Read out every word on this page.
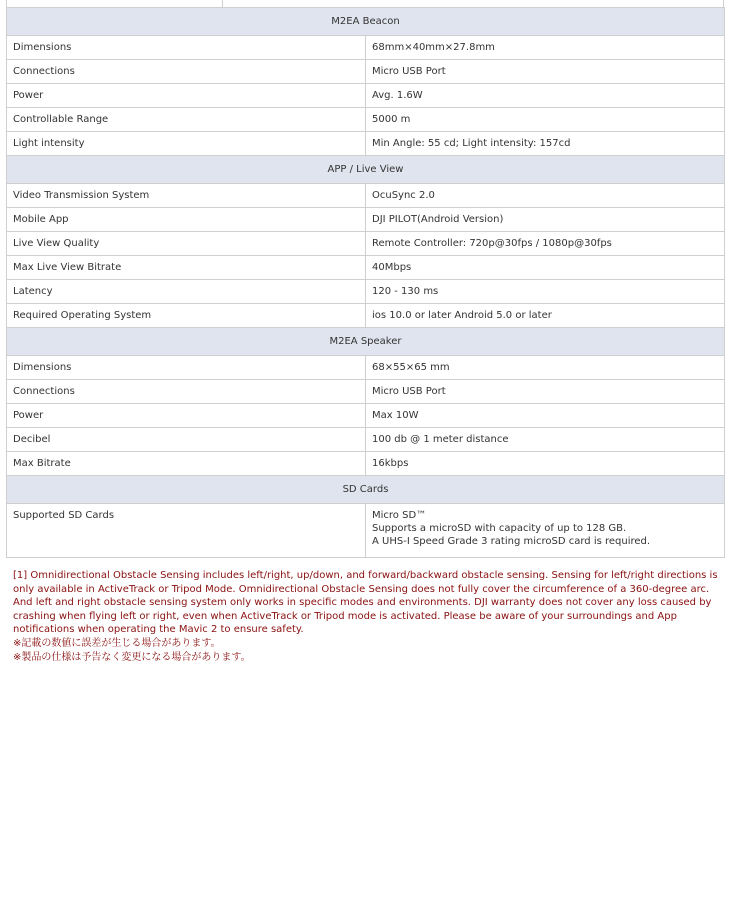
M2EA Beacon	
Dimensions	68mm×40mm×27.8mm
Connections	Micro USB Port
Power	Avg. 1.6W
Controllable Range	5000 m
Light intensity	Min Angle: 55 cd; Light intensity: 157cd
APP / Live View	
Video Transmission System	OcuSync 2.0
Mobile App	DJI PILOT(Android Version)
Live View Quality	Remote Controller: 720p@30fps / 1080p@30fps
Max Live View Bitrate	40Mbps
Latency	120 - 130 ms
Required Operating System	ios 10.0 or later Android 5.0 or later
M2EA Speaker	
Dimensions	68×55×65 mm
Connections	Micro USB Port
Power	Max 10W
Decibel	100 db @ 1 meter distance
Max Bitrate	16kbps
SD Cards	
Supported SD Cards	Micro SD™
Supports a microSD with capacity of up to 128 GB.
A UHS-I Speed Grade 3 rating microSD card is required.

[1] Omnidirectional Obstacle Sensing includes left/right, up/down, and forward/backward obstacle sensing. Sensing for left/right directions is only available in ActiveTrack or Tripod Mode. Omnidirectional Obstacle Sensing does not fully cover the circumference of a 360-degree arc. And left and right obstacle sensing system only works in specific modes and environments. DJI warranty does not cover any loss caused by crashing when flying left or right, even when ActiveTrack or Tripod mode is activated. Please be aware of your surroundings and App notifications when operating the Mavic 2 to ensure safety.

※記載の数値に誤差が生じる場合があります。

※製品の仕様は予告なく変更になる場合があります。
